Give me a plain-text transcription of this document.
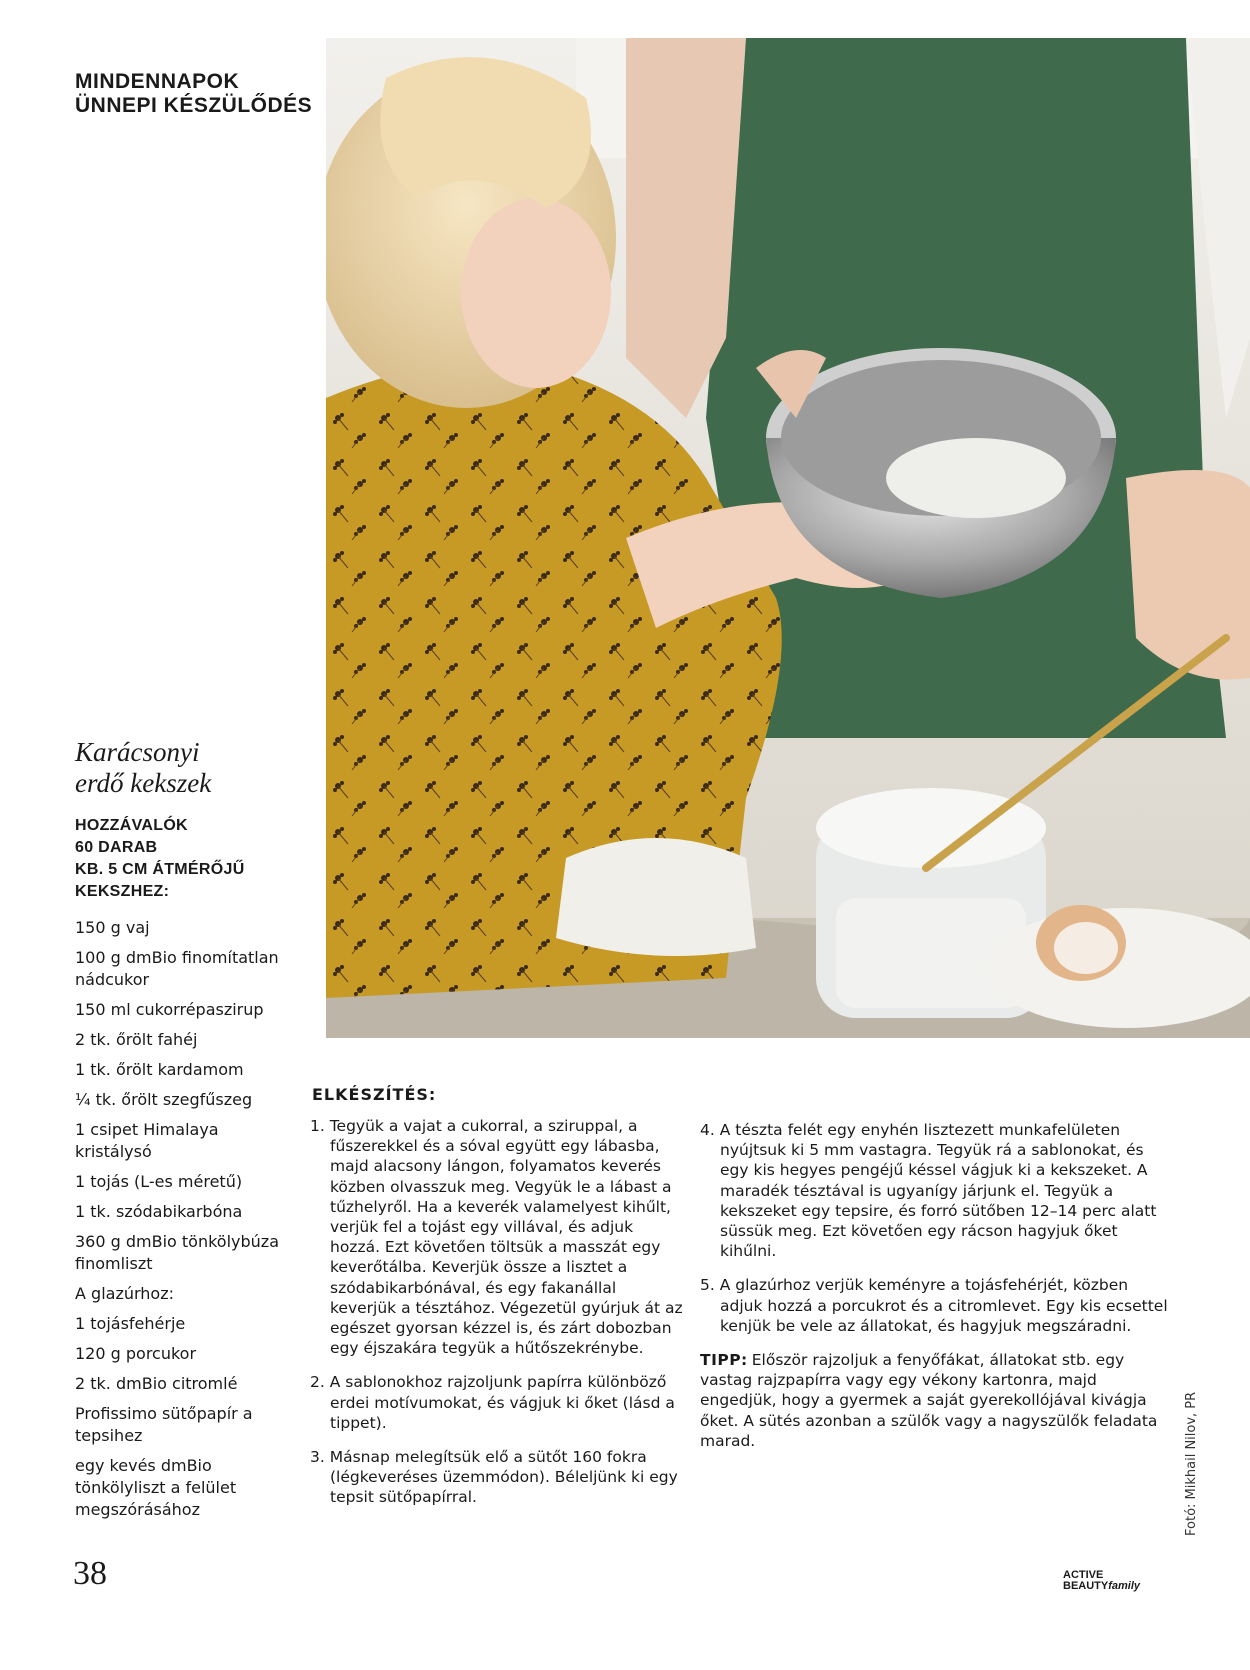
MINDENNAPOK
ÜNNEPI KÉSZÜLŐDÉS
Karácsonyi
erdő kekszek
HOZZÁVALÓK
60 DARAB
KB. 5 CM ÁTMÉRŐJŰ
KEKSZHEZ:
150 g vaj
100 g dmBio finomítatlan nádcukor
150 ml cukorrépaszirup
2 tk. őrölt fahéj
1 tk. őrölt kardamom
¼ tk. őrölt szegfűszeg
1 csipet Himalaya kristálysó
1 tojás (L-es méretű)
1 tk. szódabikarbóna
360 g dmBio tönkölybúza finomliszt
A glazúrhoz:
1 tojásfehérje
120 g porcukor
2 tk. dmBio citromlé
Profissimo sütőpapír a tepsihez
egy kevés dmBio tönkölyliszt a felület megszórásához
ELKÉSZÍTÉS:
1. Tegyük a vajat a cukorral, a sziruppal, a fűszerekkel és a sóval együtt egy lábasba, majd alacsony lángon, folyamatos keverés közben olvasszuk meg. Vegyük le a lábast a tűzhelyről. Ha a keverék valamelyest kihűlt, verjük fel a tojást egy villával, és adjuk hozzá. Ezt követően töltsük a masszát egy keverőtálba. Keverjük össze a lisztet a szódabikarbónával, és egy fakanállal keverjük a tésztához. Végezetül gyúrjuk át az egészet gyorsan kézzel is, és zárt dobozban egy éjszakára tegyük a hűtőszekrénybe.
2. A sablonokhoz rajzoljunk papírra különböző erdei motívumokat, és vágjuk ki őket (lásd a tippet).
3. Másnap melegítsük elő a sütőt 160 fokra (légkeveréses üzemmódon). Béleljünk ki egy tepsit sütőpapírral.
4. A tészta felét egy enyhén lisztezett munkafelületen nyújtsuk ki 5 mm vastagra. Tegyük rá a sablonokat, és egy kis hegyes pengéjű késsel vágjuk ki a kekszeket. A maradék tésztával is ugyanígy járjunk el. Tegyük a kekszeket egy tepsire, és forró sütőben 12–14 perc alatt süssük meg. Ezt követően egy rácson hagyjuk őket kihűlni.
5. A glazúrhoz verjük keményre a tojásfehérjét, közben adjuk hozzá a porcukrot és a citromlevet. Egy kis ecsettel kenjük be vele az állatokat, és hagyjuk megszáradni.
TIPP: Először rajzoljuk a fenyőfákat, állatokat stb. egy vastag rajzpapírra vagy egy vékony kartonra, majd engedjük, hogy a gyermek a saját gyerekollójával kivágja őket. A sütés azonban a szülők vagy a nagyszülők feladata marad.	Fotó: Mikhail Nilov, PR
38	ACTIVE
BEAUTYfamily
